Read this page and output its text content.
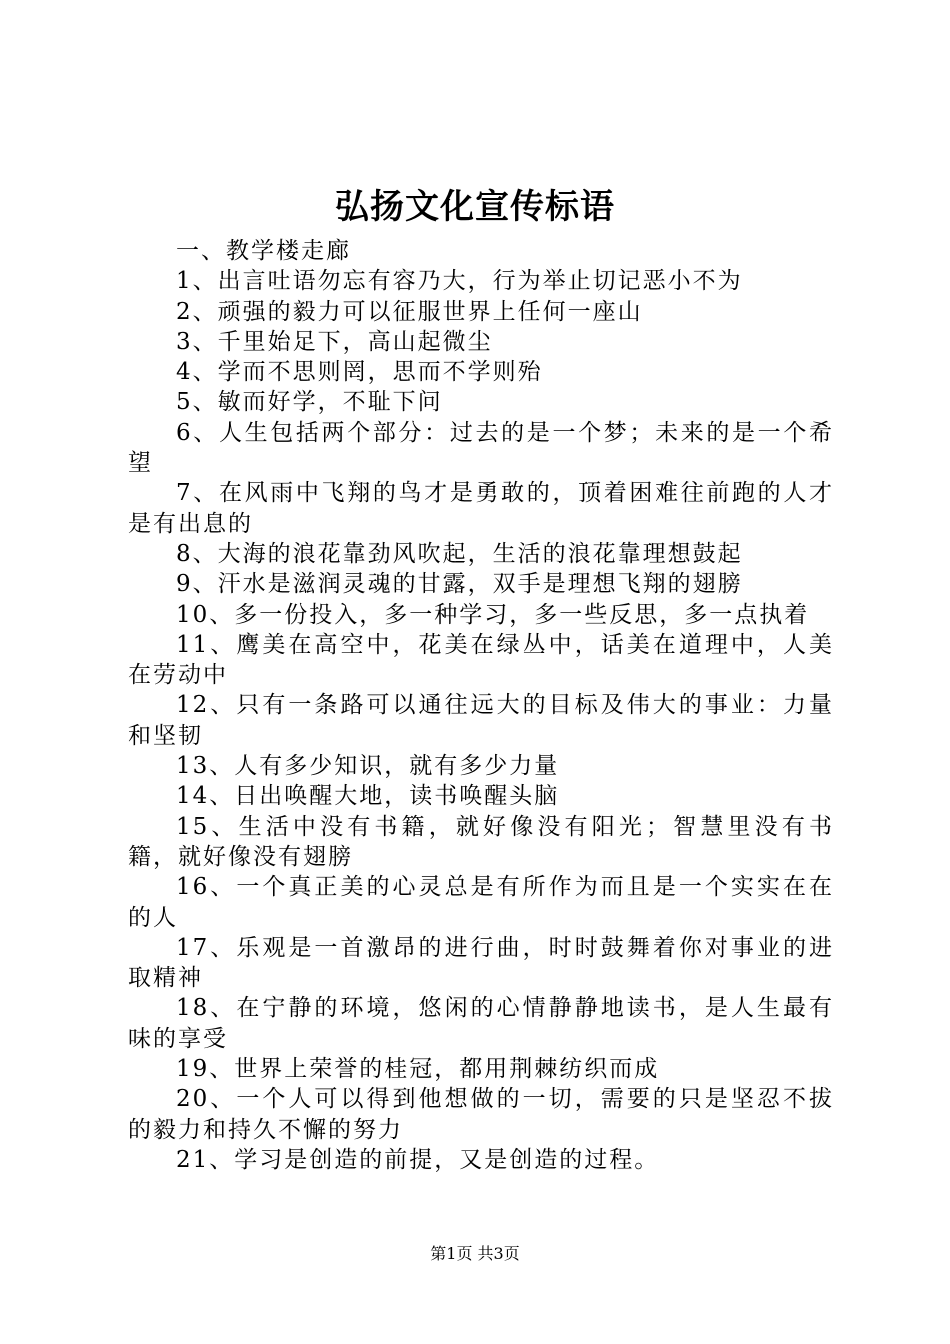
弘扬文化宣传标语

一、教学楼走廊

1、出言吐语勿忘有容乃大，行为举止切记恶小不为

2、顽强的毅力可以征服世界上任何一座山

3、千里始足下，高山起微尘

4、学而不思则罔，思而不学则殆

5、敏而好学，不耻下问

6、人生包括两个部分：过去的是一个梦；未来的是一个希望

7、在风雨中飞翔的鸟才是勇敢的，顶着困难往前跑的人才是有出息的

8、大海的浪花靠劲风吹起，生活的浪花靠理想鼓起

9、汗水是滋润灵魂的甘露，双手是理想飞翔的翅膀

10、多一份投入，多一种学习，多一些反思，多一点执着

11、鹰美在高空中，花美在绿丛中，话美在道理中，人美在劳动中

12、只有一条路可以通往远大的目标及伟大的事业：力量和坚韧

13、人有多少知识，就有多少力量

14、日出唤醒大地，读书唤醒头脑

15、生活中没有书籍，就好像没有阳光；智慧里没有书籍，就好像没有翅膀

16、一个真正美的心灵总是有所作为而且是一个实实在在的人

17、乐观是一首激昂的进行曲，时时鼓舞着你对事业的进取精神

18、在宁静的环境，悠闲的心情静静地读书，是人生最有味的享受

19、世界上荣誉的桂冠，都用荆棘纺织而成

20、一个人可以得到他想做的一切，需要的只是坚忍不拔的毅力和持久不懈的努力

21、学习是创造的前提，又是创造的过程。

第1页 共3页
